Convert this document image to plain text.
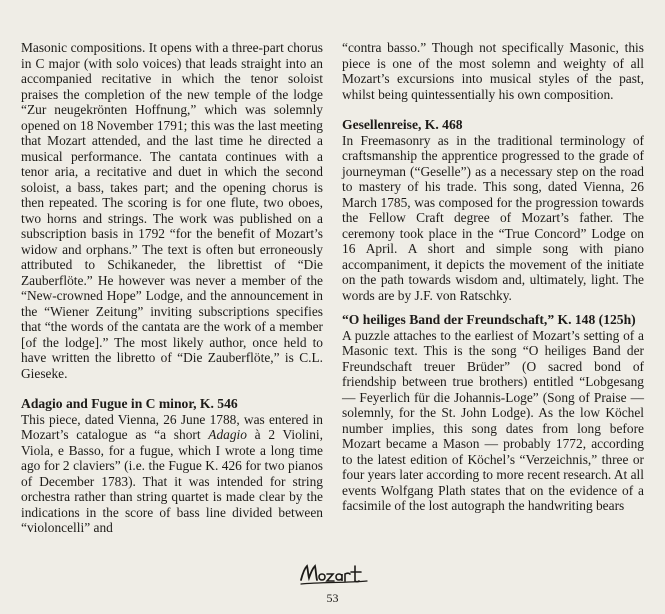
Masonic compositions. It opens with a three-part chorus in C major (with solo voices) that leads straight into an accompanied recitative in which the tenor soloist praises the completion of the new temple of the lodge “Zur neugekrönten Hoffnung,” which was solemnly opened on 18 November 1791; this was the last meeting that Mozart attended, and the last time he directed a musical performance. The cantata continues with a tenor aria, a recitative and duet in which the second soloist, a bass, takes part; and the opening chorus is then repeated. The scoring is for one flute, two oboes, two horns and strings. The work was published on a subscription basis in 1792 “for the benefit of Mozart’s widow and orphans.” The text is often but erroneously attributed to Schikaneder, the librettist of “Die Zauberflöte.” He however was never a member of the “New-crowned Hope” Lodge, and the announcement in the “Wiener Zeitung” inviting subscriptions specifies that “the words of the cantata are the work of a member [of the lodge].” The most likely author, once held to have written the libretto of “Die Zauberflöte,” is C.L. Gieseke.

Adagio and Fugue in C minor, K. 546

This piece, dated Vienna, 26 June 1788, was entered in Mozart’s catalogue as “a short Adagio à 2 Violini, Viola, e Basso, for a fugue, which I wrote a long time ago for 2 claviers” (i.e. the Fugue K. 426 for two pianos of December 1783). That it was intended for string orchestra rather than string quartet is made clear by the indications in the score of bass line divided between “violoncelli” and

“contra basso.” Though not specifically Masonic, this piece is one of the most solemn and weighty of all Mozart’s excursions into musical styles of the past, whilst being quintessentially his own composition.

Gesellenreise, K. 468

In Freemasonry as in the traditional terminology of craftsmanship the apprentice progressed to the grade of journeyman (“Geselle”) as a necessary step on the road to mastery of his trade. This song, dated Vienna, 26 March 1785, was composed for the progression towards the Fellow Craft degree of Mozart’s father. The ceremony took place in the “True Concord” Lodge on 16 April. A short and simple song with piano accompaniment, it depicts the movement of the initiate on the path towards wisdom and, ultimately, light. The words are by J.F. von Ratschky.

“O heiliges Band der Freundschaft,” K. 148 (125h)

A puzzle attaches to the earliest of Mozart’s setting of a Masonic text. This is the song “O heiliges Band der Freundschaft treuer Brüder” (O sacred bond of friendship between true brothers) entitled “Lobgesang — Feyerlich für die Johannis-Loge” (Song of Praise — solemnly, for the St. John Lodge). As the low Köchel number implies, this song dates from long before Mozart became a Mason — probably 1772, according to the latest edition of Köchel’s “Verzeichnis,” three or four years later according to more recent research. At all events Wolfgang Plath states that on the evidence of a facsimile of the lost autograph the handwriting bears

53
